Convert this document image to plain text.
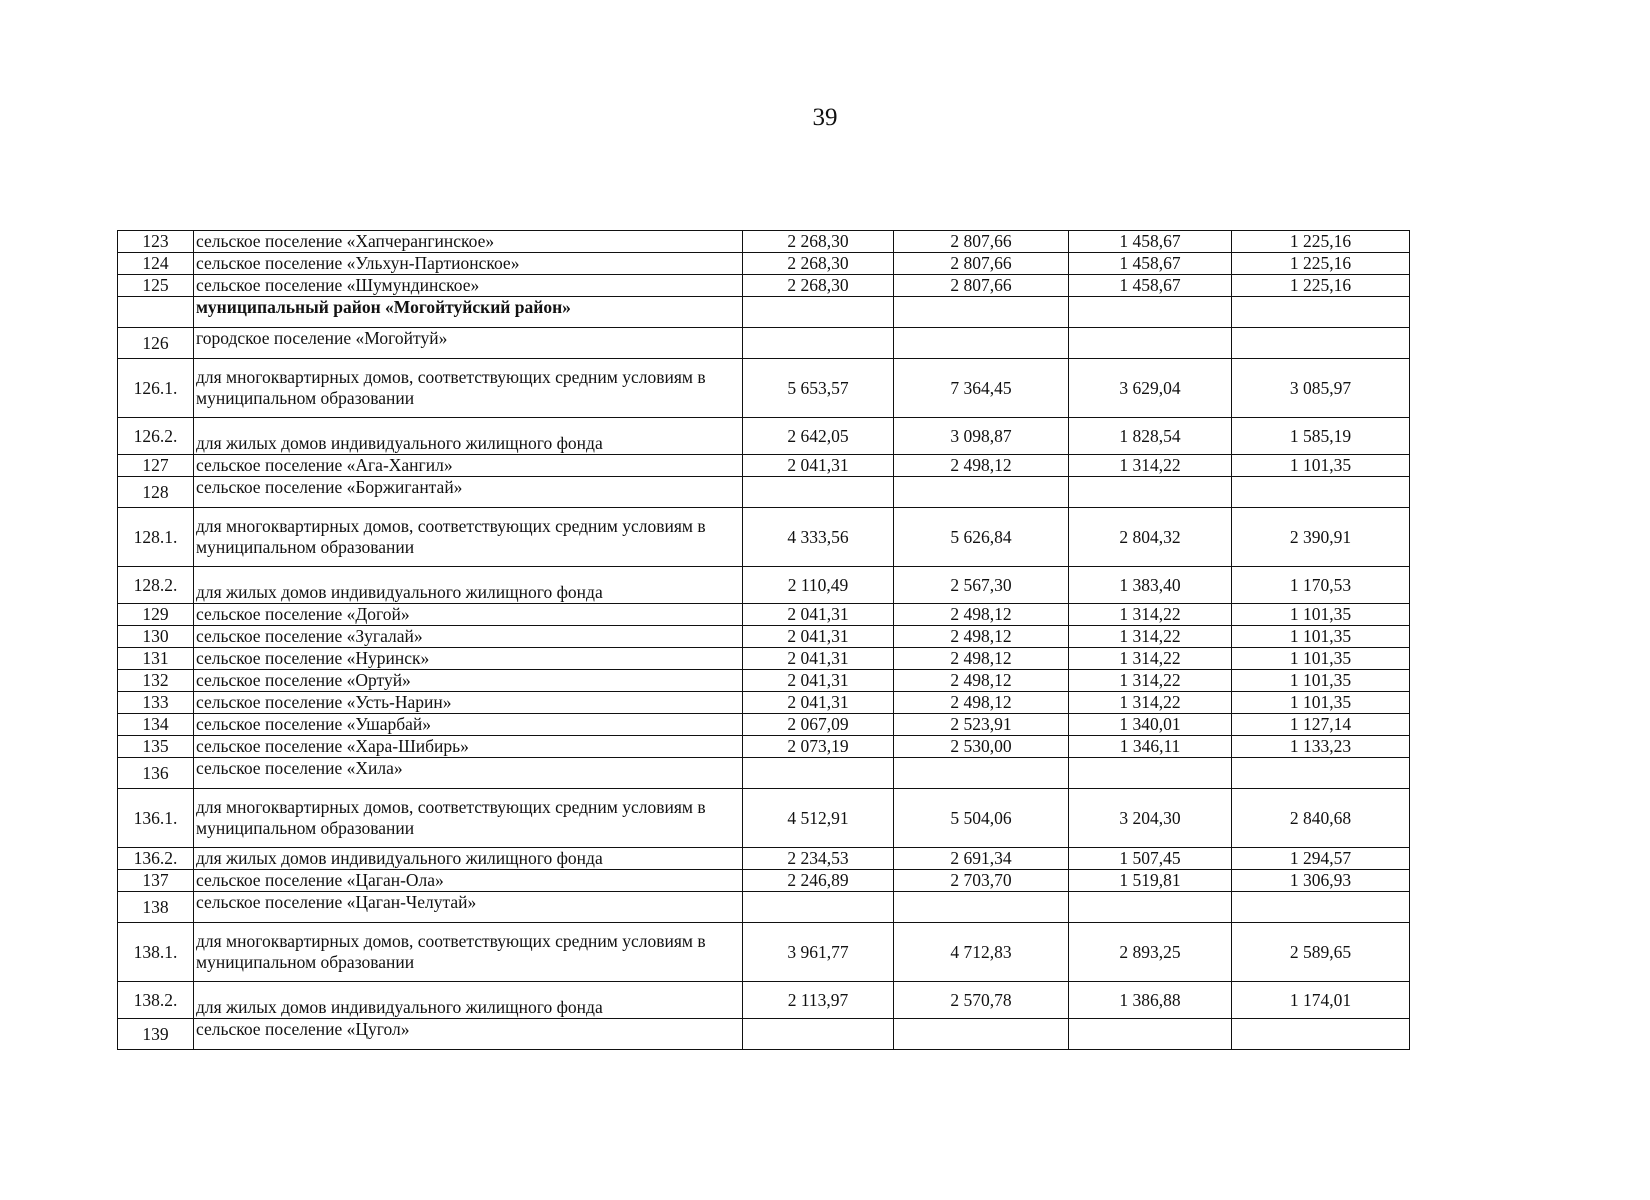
39
123	сельское поселение «Хапчерангинское»	2 268,30	2 807,66	1 458,67	1 225,16
124	сельское поселение «Ульхун-Партионское»	2 268,30	2 807,66	1 458,67	1 225,16
125	сельское поселение «Шумундинское»	2 268,30	2 807,66	1 458,67	1 225,16
	муниципальный район «Могойтуйский район»				
126	городское поселение «Могойтуй»				
126.1.	для многоквартирных домов, соответствующих средним условиям в муниципальном образовании	5 653,57	7 364,45	3 629,04	3 085,97
126.2.	для жилых домов индивидуального жилищного фонда	2 642,05	3 098,87	1 828,54	1 585,19
127	сельское поселение «Ага-Хангил»	2 041,31	2 498,12	1 314,22	1 101,35
128	сельское поселение «Боржигантай»				
128.1.	для многоквартирных домов, соответствующих средним условиям в муниципальном образовании	4 333,56	5 626,84	2 804,32	2 390,91
128.2.	для жилых домов индивидуального жилищного фонда	2 110,49	2 567,30	1 383,40	1 170,53
129	сельское поселение «Догой»	2 041,31	2 498,12	1 314,22	1 101,35
130	сельское поселение «Зугалай»	2 041,31	2 498,12	1 314,22	1 101,35
131	сельское поселение «Нуринск»	2 041,31	2 498,12	1 314,22	1 101,35
132	сельское поселение «Ортуй»	2 041,31	2 498,12	1 314,22	1 101,35
133	сельское поселение «Усть-Нарин»	2 041,31	2 498,12	1 314,22	1 101,35
134	сельское поселение «Ушарбай»	2 067,09	2 523,91	1 340,01	1 127,14
135	сельское поселение «Хара-Шибирь»	2 073,19	2 530,00	1 346,11	1 133,23
136	сельское поселение «Хила»				
136.1.	для многоквартирных домов, соответствующих средним условиям в муниципальном образовании	4 512,91	5 504,06	3 204,30	2 840,68
136.2.	для жилых домов индивидуального жилищного фонда	2 234,53	2 691,34	1 507,45	1 294,57
137	сельское поселение «Цаган-Ола»	2 246,89	2 703,70	1 519,81	1 306,93
138	сельское поселение «Цаган-Челутай»				
138.1.	для многоквартирных домов, соответствующих средним условиям в муниципальном образовании	3 961,77	4 712,83	2 893,25	2 589,65
138.2.	для жилых домов индивидуального жилищного фонда	2 113,97	2 570,78	1 386,88	1 174,01
139	сельское поселение «Цугол»				
